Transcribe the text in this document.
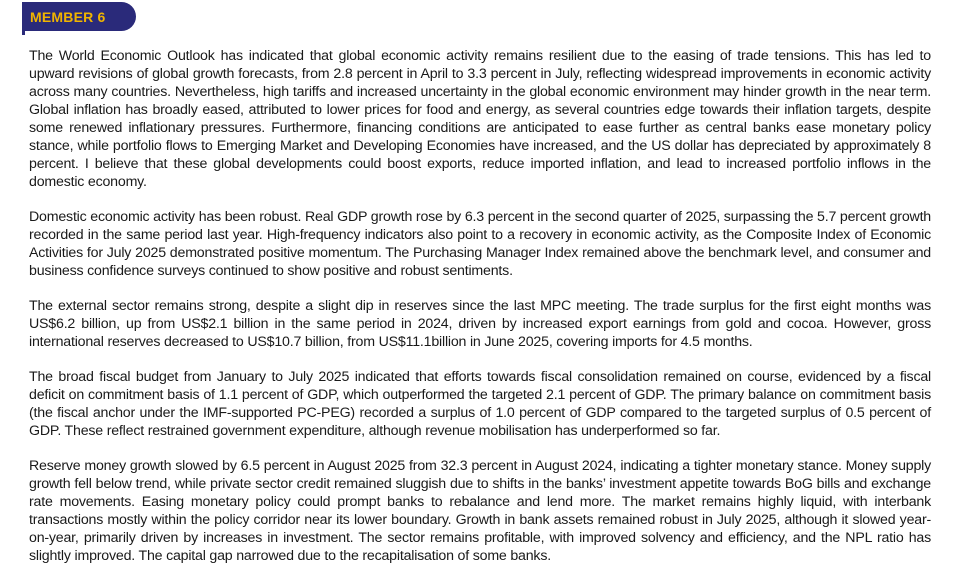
MEMBER 6

The World Economic Outlook has indicated that global economic activity remains resilient due to the easing of trade tensions. This has led to upward revisions of global growth forecasts, from 2.8 percent in April to 3.3 percent in July, reflecting widespread improvements in economic activity across many countries. Nevertheless, high tariffs and increased uncertainty in the global economic environment may hinder growth in the near term. Global inflation has broadly eased, attributed to lower prices for food and energy, as several countries edge towards their inflation targets, despite some renewed inflationary pressures. Furthermore, financing conditions are anticipated to ease further as central banks ease monetary policy stance, while portfolio flows to Emerging Market and Developing Economies have increased, and the US dollar has depreciated by approximately 8 percent. I believe that these global developments could boost exports, reduce imported inflation, and lead to increased portfolio inflows in the domestic economy.

Domestic economic activity has been robust. Real GDP growth rose by 6.3 percent in the second quarter of 2025, surpassing the 5.7 percent growth recorded in the same period last year. High-frequency indicators also point to a recovery in economic activity, as the Composite Index of Economic Activities for July 2025 demonstrated positive momentum. The Purchasing Manager Index remained above the benchmark level, and consumer and business confidence surveys continued to show positive and robust sentiments.

The external sector remains strong, despite a slight dip in reserves since the last MPC meeting. The trade surplus for the first eight months was US$6.2 billion, up from US$2.1 billion in the same period in 2024, driven by increased export earnings from gold and cocoa. However, gross international reserves decreased to US$10.7 billion, from US$11.1billion in June 2025, covering imports for 4.5 months.

The broad fiscal budget from January to July 2025 indicated that efforts towards fiscal consolidation remained on course, evidenced by a fiscal deficit on commitment basis of 1.1 percent of GDP, which outperformed the targeted 2.1 percent of GDP. The primary balance on commitment basis (the fiscal anchor under the IMF-supported PC-PEG) recorded a surplus of 1.0 percent of GDP compared to the targeted surplus of 0.5 percent of GDP. These reflect restrained government expenditure, although revenue mobilisation has underperformed so far.

Reserve money growth slowed by 6.5 percent in August 2025 from 32.3 percent in August 2024, indicating a tighter monetary stance. Money supply growth fell below trend, while private sector credit remained sluggish due to shifts in the banks’ investment appetite towards BoG bills and exchange rate movements. Easing monetary policy could prompt banks to rebalance and lend more. The market remains highly liquid, with interbank transactions mostly within the policy corridor near its lower boundary. Growth in bank assets remained robust in July 2025, although it slowed year-on-year, primarily driven by increases in investment. The sector remains profitable, with improved solvency and efficiency, and the NPL ratio has slightly improved. The capital gap narrowed due to the recapitalisation of some banks.
